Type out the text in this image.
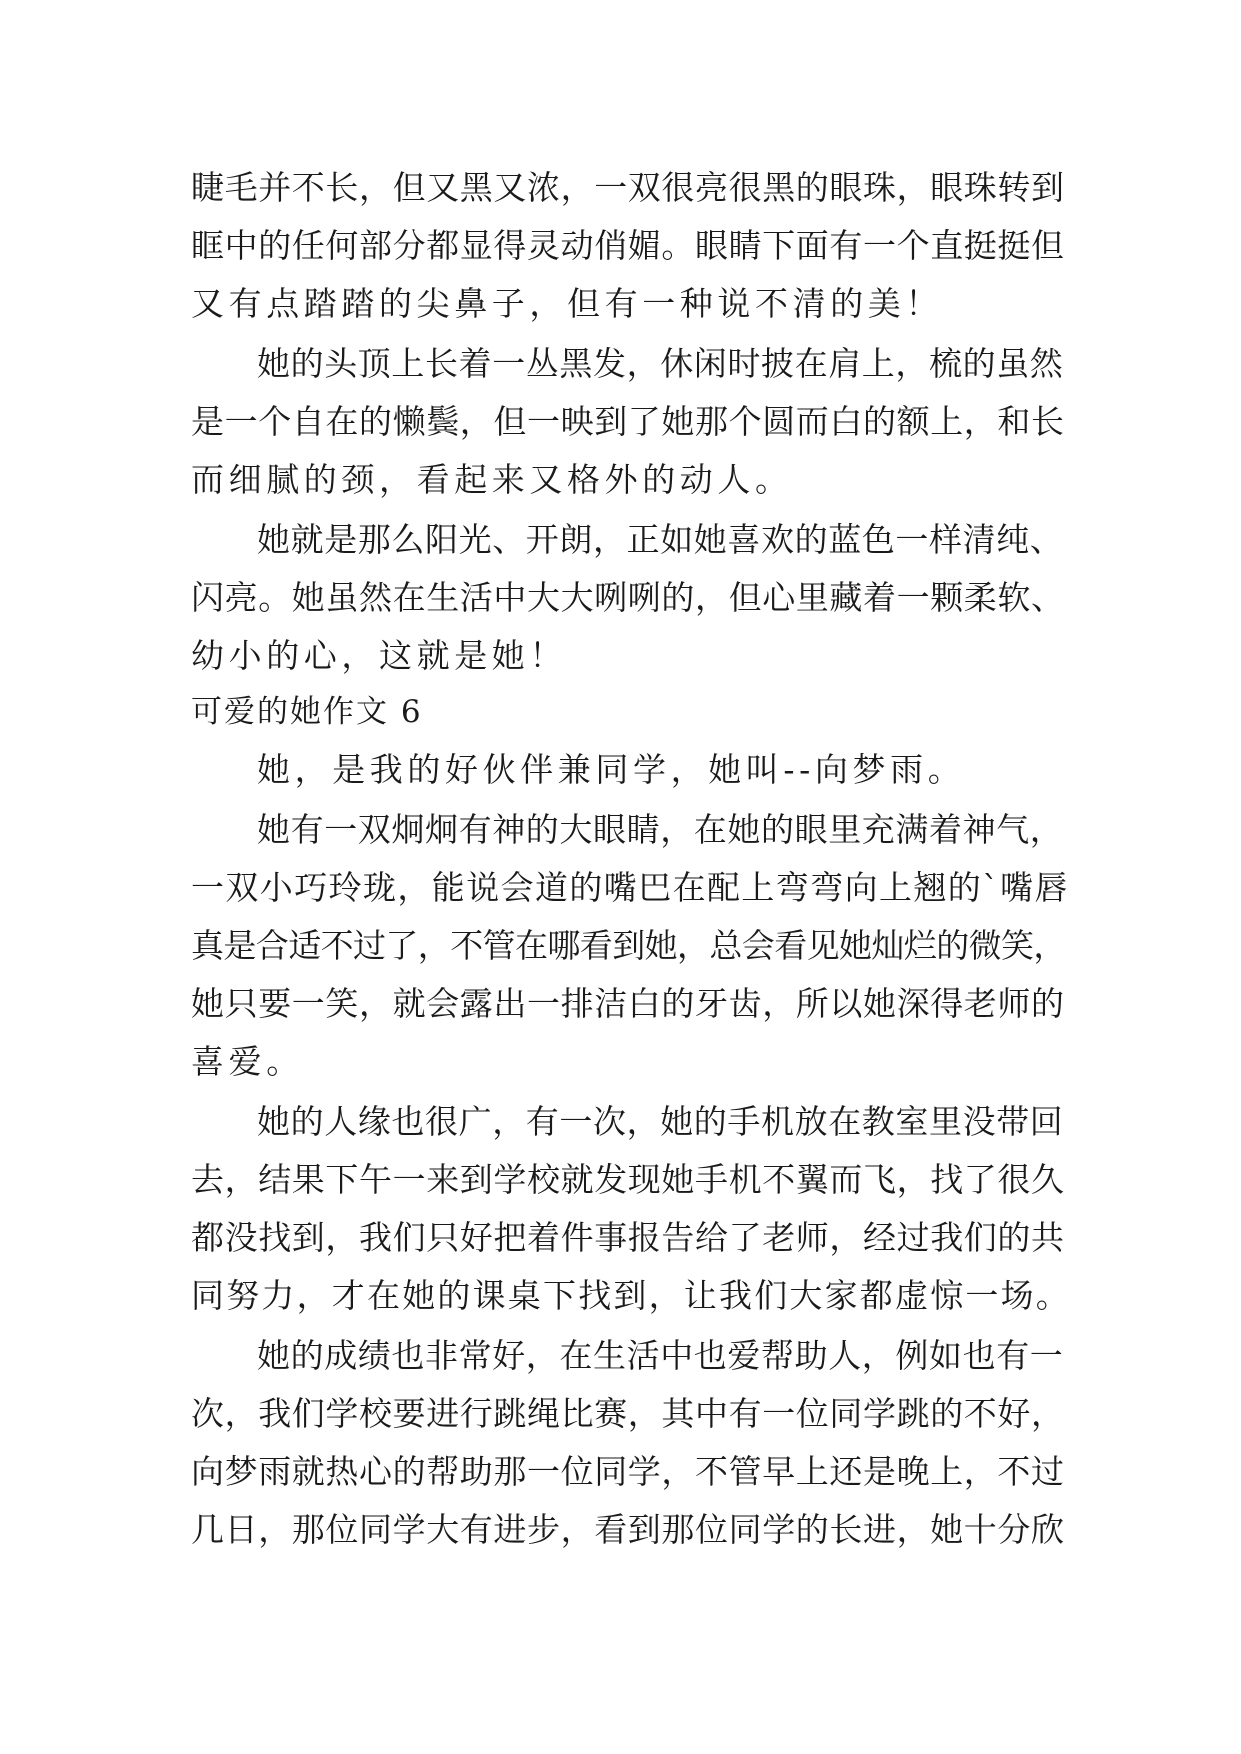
睫毛并不长，但又黑又浓，一双很亮很黑的眼珠，眼珠转到
眶中的任何部分都显得灵动俏媚。眼睛下面有一个直挺挺但
又有点踏踏的尖鼻子，但有一种说不清的美！
她的头顶上长着一丛黑发，休闲时披在肩上，梳的虽然
是一个自在的懒鬓，但一映到了她那个圆而白的额上，和长
而细腻的颈，看起来又格外的动人。
她就是那么阳光、开朗，正如她喜欢的蓝色一样清纯、
闪亮。她虽然在生活中大大咧咧的，但心里藏着一颗柔软、
幼小的心，这就是她！
可爱的她作文 6
她，是我的好伙伴兼同学，她叫--向梦雨。
她有一双炯炯有神的大眼睛，在她的眼里充满着神气，
一双小巧玲珑，能说会道的嘴巴在配上弯弯向上翘的`嘴唇
真是合适不过了，不管在哪看到她，总会看见她灿烂的微笑，
她只要一笑，就会露出一排洁白的牙齿，所以她深得老师的
喜爱。
她的人缘也很广，有一次，她的手机放在教室里没带回
去，结果下午一来到学校就发现她手机不翼而飞，找了很久
都没找到，我们只好把着件事报告给了老师，经过我们的共
同努力，才在她的课桌下找到，让我们大家都虚惊一场。
她的成绩也非常好，在生活中也爱帮助人，例如也有一
次，我们学校要进行跳绳比赛，其中有一位同学跳的不好，
向梦雨就热心的帮助那一位同学，不管早上还是晚上，不过
几日，那位同学大有进步，看到那位同学的长进，她十分欣
